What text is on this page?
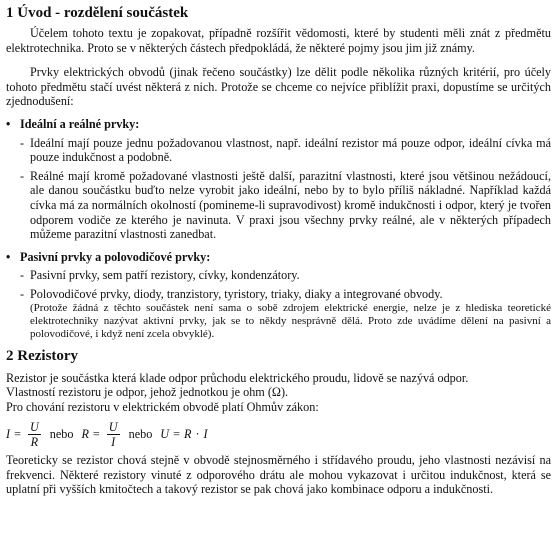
1 Úvod - rozdělení součástek

Účelem tohoto textu je zopakovat, případně rozšířit vědomosti, které by studenti měli znát z předmětu elektrotechnika. Proto se v některých částech předpokládá, že některé pojmy jsou jim již známy.

Prvky elektrických obvodů (jinak řečeno součástky) lze dělit podle několika různých kritérií, pro účely tohoto předmětu stačí uvést některá z nich. Protože se chceme co nejvíce přiblížit praxi, dopustíme se určitých zjednodušení:

• Ideální a reálné prvky:
- Ideální mají pouze jednu požadovanou vlastnost, např. ideální rezistor má pouze odpor, ideální cívka má pouze indukčnost a podobně.
- Reálné mají kromě požadované vlastnosti ještě další, parazitní vlastnosti, které jsou většinou nežádoucí, ale danou součástku buďto nelze vyrobit jako ideální, nebo by to bylo příliš nákladné. Například každá cívka má za normálních okolností (pomineme-li supravodivost) kromě indukčnosti i odpor, který je tvořen odporem vodiče ze kterého je navinuta. V praxi jsou všechny prvky reálné, ale v některých případech můžeme parazitní vlastnosti zanedbat.
• Pasivní prvky a polovodičové prvky:
- Pasivní prvky, sem patří rezistory, cívky, kondenzátory.
- Polovodičové prvky, diody, tranzistory, tyristory, triaky, diaky a integrované obvody.
(Protože žádná z těchto součástek není sama o sobě zdrojem elektrické energie, nelze je z hlediska teoretické elektrotechniky nazývat aktivní prvky, jak se to někdy nesprávně dělá. Proto zde uvádíme dělení na pasivní a polovodičové, i když není zcela obvyklé).
2 Rezistory

Rezistor je součástka která klade odpor průchodu elektrického proudu, lidově se nazývá odpor.

Vlastností rezistoru je odpor, jehož jednotkou je ohm (Ω).

Pro chování rezistoru v elektrickém obvodě platí Ohmův zákon:

$I = \frac{U}{R}$ nebo $R = \frac{U}{I}$ nebo U = R · I

Teoreticky se rezistor chová stejně v obvodě stejnosměrného i střídavého proudu, jeho vlastnosti nezávisí na frekvenci. Některé rezistory vinuté z odporového drátu ale mohou vykazovat i určitou indukčnost, která se uplatní při vyšších kmitočtech a takový rezistor se pak chová jako kombinace odporu a indukčnosti.
